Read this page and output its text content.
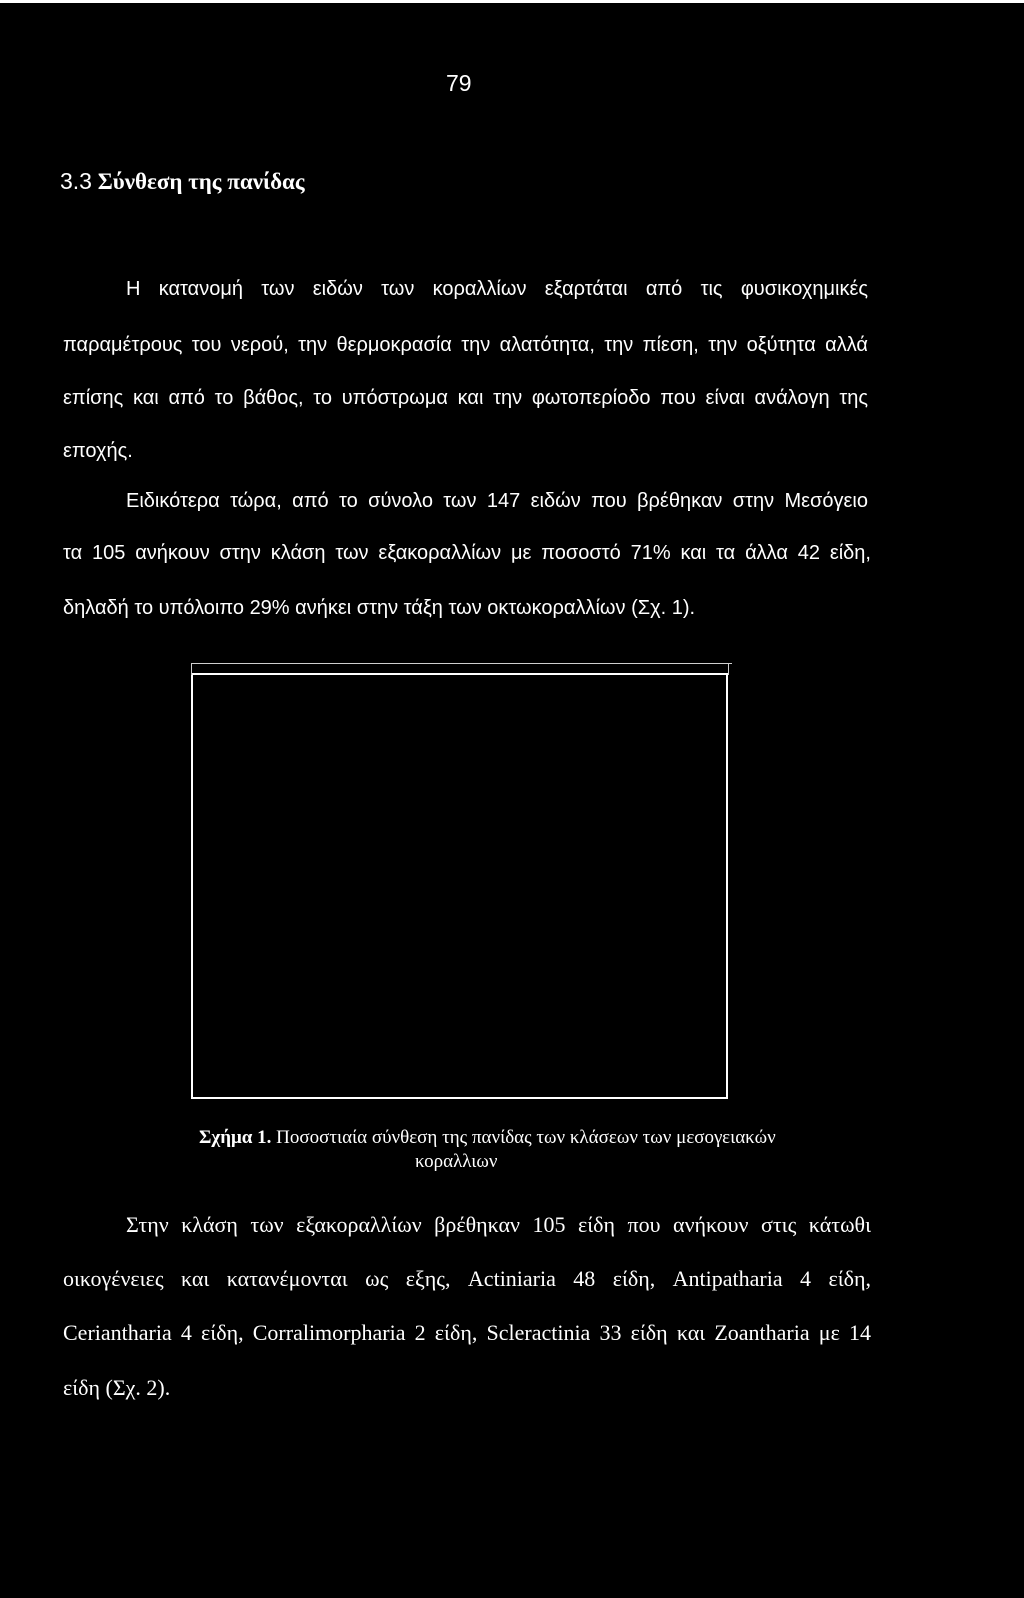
79
3.3 Σύνθεση της πανίδας
Η κατανομή των ειδών των κοραλλίων εξαρτάται από τις φυσικοχημικές
παραμέτρους του νερού, την θερμοκρασία την αλατότητα, την πίεση, την οξύτητα αλλά
επίσης και από το βάθος, το υπόστρωμα και την φωτοπερίοδο που είναι ανάλογη της
εποχής.
Ειδικότερα τώρα, από το σύνολο των 147 ειδών που βρέθηκαν στην Μεσόγειο
τα 105 ανήκουν στην κλάση των εξακοραλλίων με ποσοστό 71% και τα άλλα 42 είδη,
δηλαδή το υπόλοιπο 29% ανήκει στην τάξη των οκτωκοραλλίων (Σχ. 1).
Σχήμα 1. Ποσοστιαία σύνθεση της πανίδας των κλάσεων των μεσογειακών
κοραλλιων
Στην κλάση των εξακοραλλίων βρέθηκαν 105 είδη που ανήκουν στις κάτωθι
οικογένειες και κατανέμονται ως εξης, Actiniaria 48 είδη, Antipatharia 4 είδη,
Ceriantharia 4 είδη, Corralimorpharia 2 είδη, Scleractinia 33 είδη και Zoantharia με 14
είδη (Σχ. 2).
